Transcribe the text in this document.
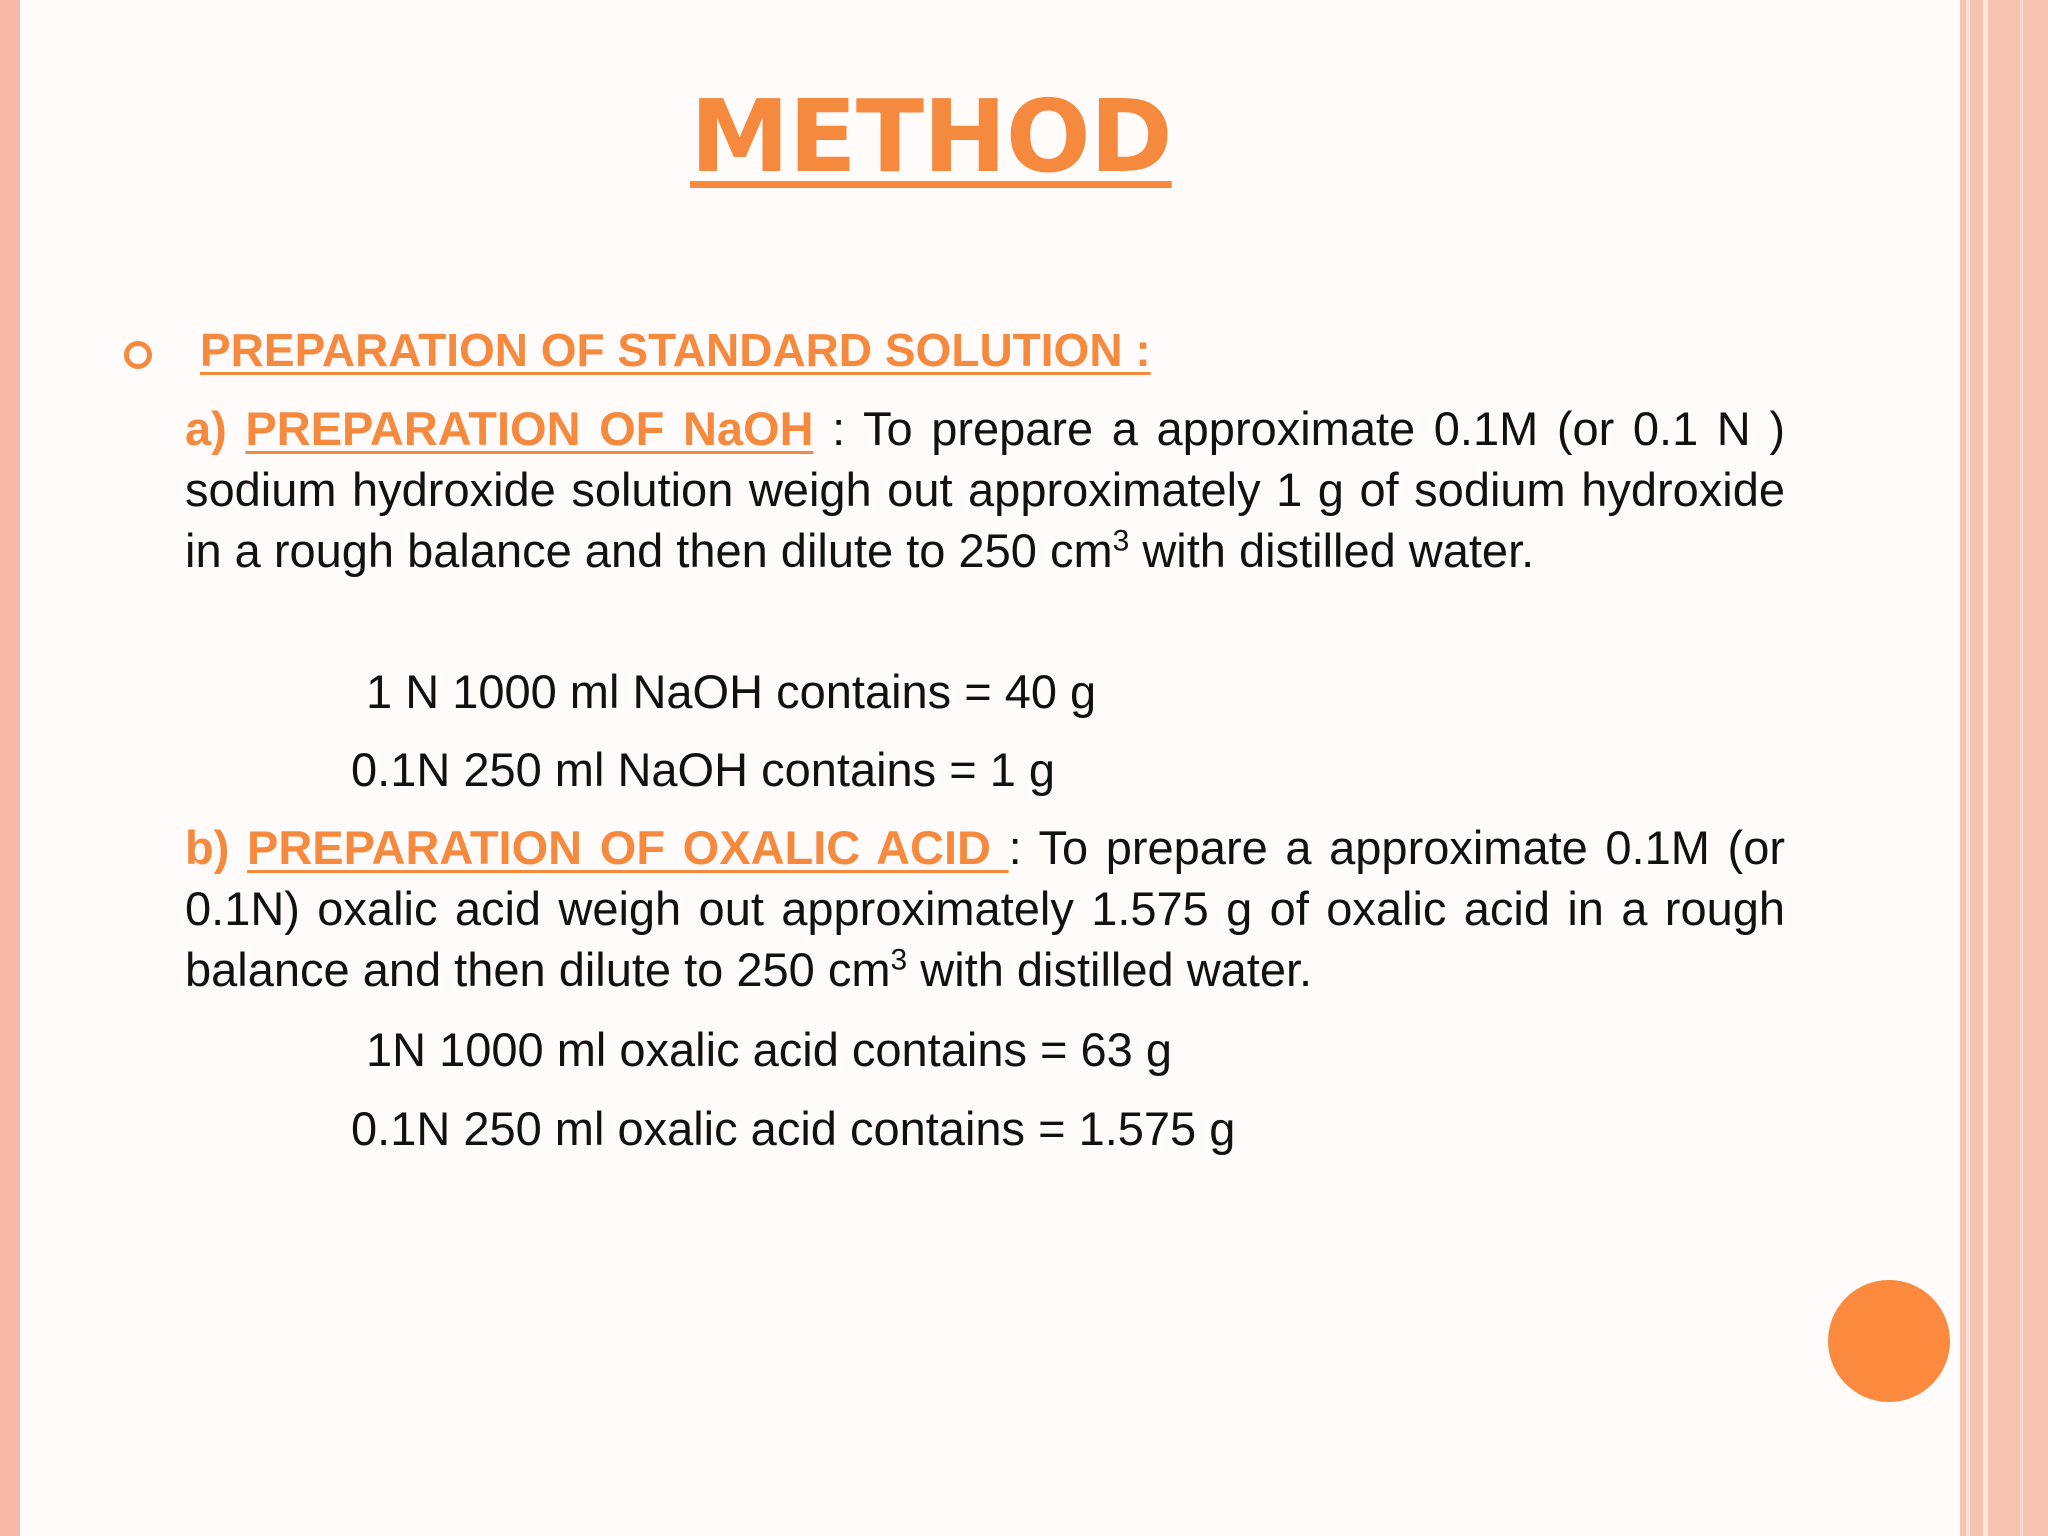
METHOD
PREPARATION OF STANDARD SOLUTION :

a) PREPARATION OF NaOH : To prepare a approximate 0.1M (or 0.1 N ) sodium hydroxide solution weigh out approximately 1 g of sodium hydroxide in a rough balance and then dilute to 250 $cm^3$ with distilled water.

1 N 1000 ml NaOH contains = 40 g
0.1N 250 ml NaOH contains = 1 g

b) PREPARATION OF OXALIC ACID : To prepare a approximate 0.1M (or 0.1N) oxalic acid weigh out approximately 1.575 g of oxalic acid in a rough balance and then dilute to 250 $cm^3$ with distilled water.

1N 1000 ml oxalic acid contains = 63 g
0.1N 250 ml oxalic acid contains = 1.575 g
